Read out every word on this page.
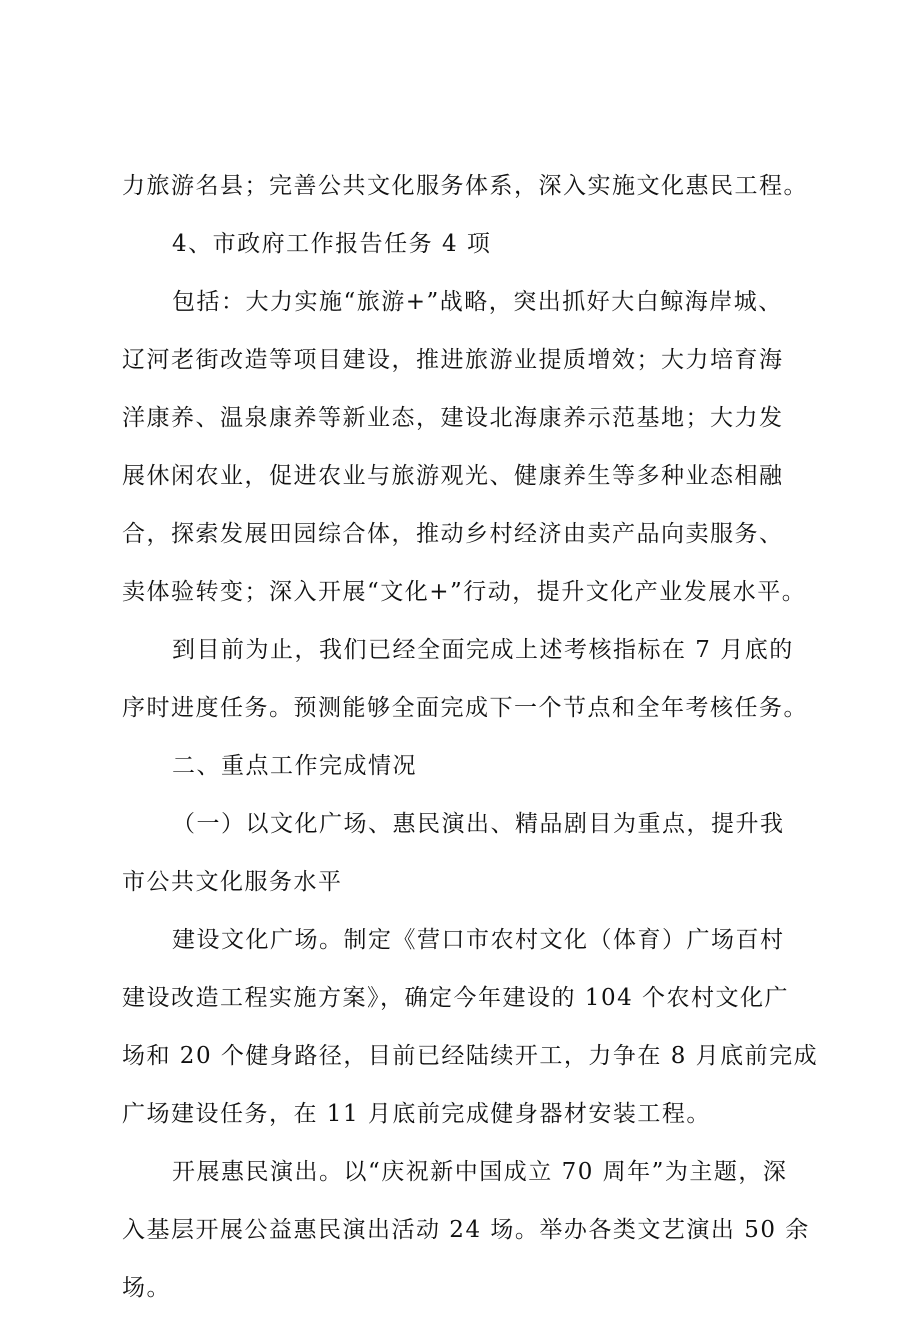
力旅游名县；完善公共文化服务体系，深入实施文化惠民工程。

4、市政府工作报告任务 4 项

包括：大力实施“旅游+”战略，突出抓好大白鲸海岸城、
辽河老街改造等项目建设，推进旅游业提质增效；大力培育海
洋康养、温泉康养等新业态，建设北海康养示范基地；大力发
展休闲农业，促进农业与旅游观光、健康养生等多种业态相融
合，探索发展田园综合体，推动乡村经济由卖产品向卖服务、
卖体验转变；深入开展“文化+”行动，提升文化产业发展水平。

到目前为止，我们已经全面完成上述考核指标在 7 月底的
序时进度任务。预测能够全面完成下一个节点和全年考核任务。

二、重点工作完成情况

（一）以文化广场、惠民演出、精品剧目为重点，提升我
市公共文化服务水平

建设文化广场。制定《营口市农村文化（体育）广场百村
建设改造工程实施方案》，确定今年建设的 104 个农村文化广
场和 20 个健身路径，目前已经陆续开工，力争在 8 月底前完成
广场建设任务，在 11 月底前完成健身器材安装工程。

开展惠民演出。以“庆祝新中国成立 70 周年”为主题，深
入基层开展公益惠民演出活动 24 场。举办各类文艺演出 50 余
场。
